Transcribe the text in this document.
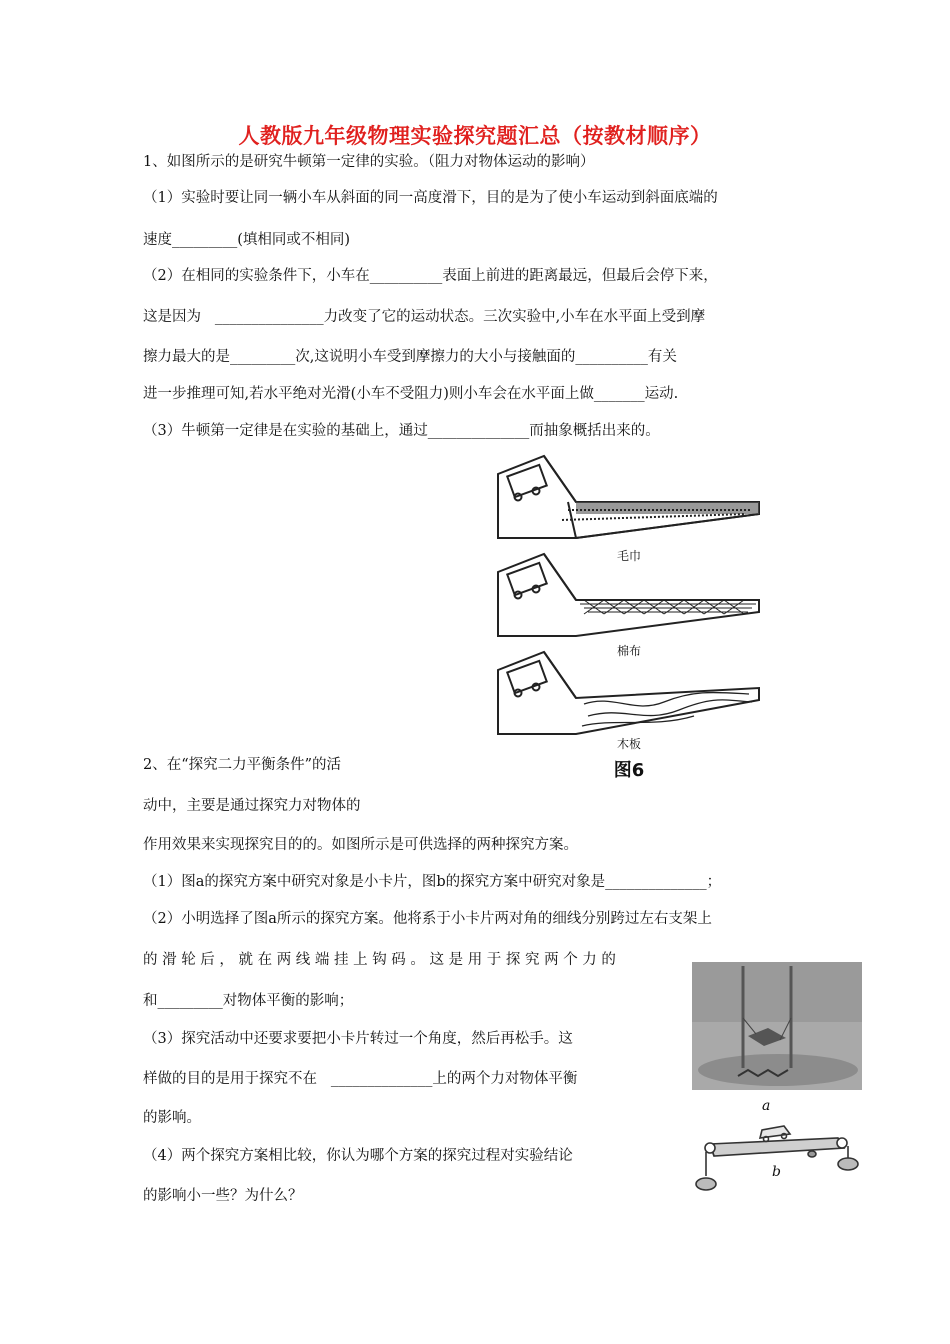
人教版九年级物理实验探究题汇总（按教材顺序）
1、如图所示的是研究牛顿第一定律的实验。（阻力对物体运动的影响）
（1）实验时要让同一辆小车从斜面的同一高度滑下，目的是为了使小车运动到斜面底端的
速度_________(填相同或不相同)
（2）在相同的实验条件下，小车在__________表面上前进的距离最远，但最后会停下来，
这是因为   _______________力改变了它的运动状态。三次实验中,小车在水平面上受到摩
擦力最大的是_________次,这说明小车受到摩擦力的大小与接触面的__________有关
进一步推理可知,若水平绝对光滑(小车不受阻力)则小车会在水平面上做_______运动.
（3）牛顿第一定律是在实验的基础上，通过______________而抽象概括出来的。
毛巾
棉布
木板
图6
2、在“探究二力平衡条件”的活
动中，主要是通过探究力对物体的
作用效果来实现探究目的的。如图所示是可供选择的两种探究方案。
（1）图a的探究方案中研究对象是小卡片，图b的探究方案中研究对象是______________；
（2）小明选择了图a所示的探究方案。他将系于小卡片两对角的细线分别跨过左右支架上
的滑轮后，就在两线端挂上钩码。这是用于探究两个力的
和_________对物体平衡的影响；
（3）探究活动中还要求要把小卡片转过一个角度，然后再松手。这
样做的目的是用于探究不在   ______________上的两个力对物体平衡
的影响。
（4）两个探究方案相比较，你认为哪个方案的探究过程对实验结论
的影响小一些？为什么？
a
b
